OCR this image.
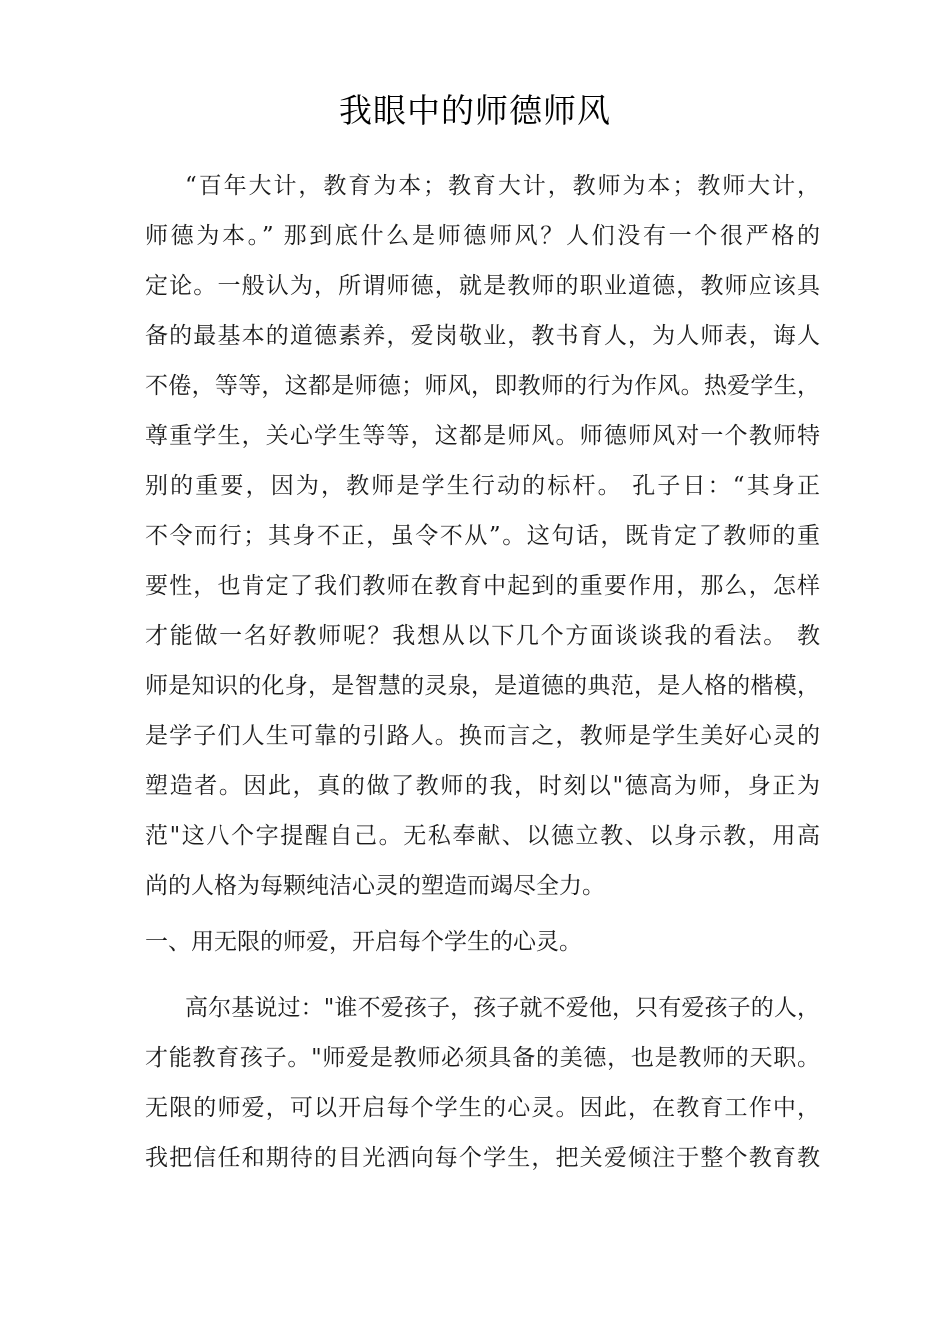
我眼中的师德师风
“百年大计，教育为本；教育大计，教师为本；教师大计，
师德为本。” 那到底什么是师德师风？人们没有一个很严格的
定论。一般认为，所谓师德，就是教师的职业道德，教师应该具
备的最基本的道德素养，爱岗敬业，教书育人，为人师表，诲人
不倦，等等，这都是师德；师风，即教师的行为作风。热爱学生，
尊重学生，关心学生等等，这都是师风。师德师风对一个教师特
别的重要，因为，教师是学生行动的标杆。 孔子日：“其身正
不令而行；其身不正，虽令不从”。这句话，既肯定了教师的重
要性，也肯定了我们教师在教育中起到的重要作用，那么，怎样
才能做一名好教师呢？我想从以下几个方面谈谈我的看法。 教
师是知识的化身，是智慧的灵泉，是道德的典范，是人格的楷模，
是学子们人生可靠的引路人。换而言之，教师是学生美好心灵的
塑造者。因此，真的做了教师的我，时刻以"德高为师，身正为
范"这八个字提醒自己。无私奉献、以德立教、以身示教，用高
尚的人格为每颗纯洁心灵的塑造而竭尽全力。
一、用无限的师爱，开启每个学生的心灵。
高尔基说过："谁不爱孩子，孩子就不爱他，只有爱孩子的人，
才能教育孩子。"师爱是教师必须具备的美德，也是教师的天职。
无限的师爱，可以开启每个学生的心灵。因此，在教育工作中，
我把信任和期待的目光洒向每个学生，把关爱倾注于整个教育教
